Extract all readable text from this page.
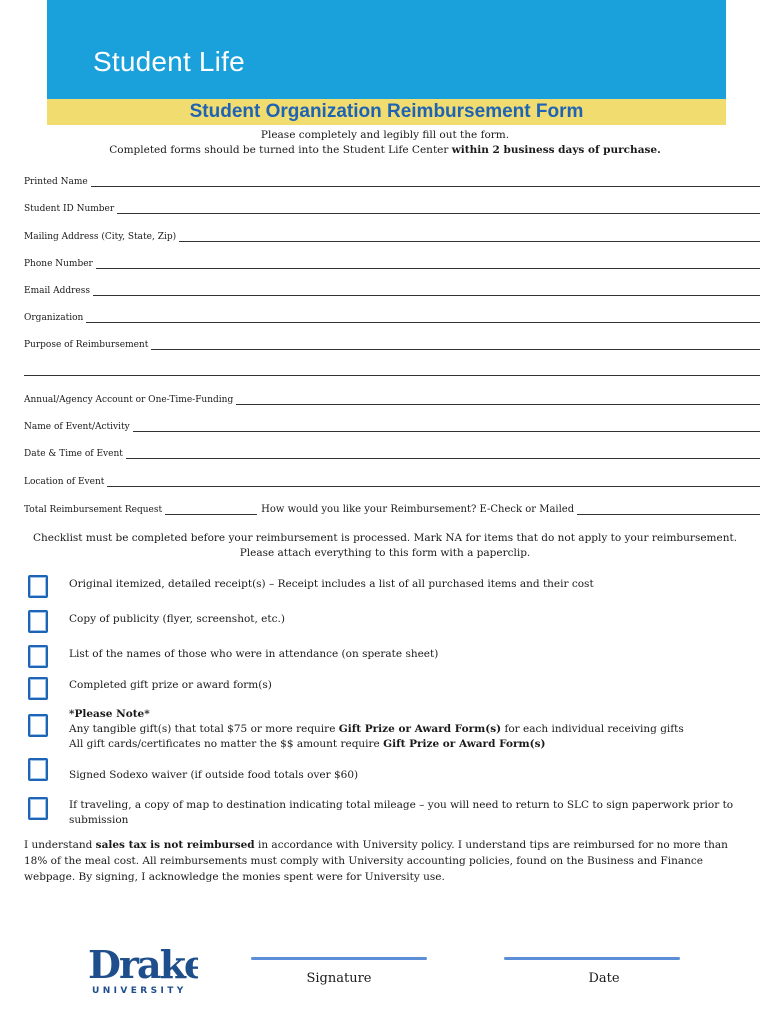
Student Life
Student Organization Reimbursement Form
Please completely and legibly fill out the form.
Completed forms should be turned into the Student Life Center within 2 business days of purchase.
Printed Name
Student ID Number
Mailing Address (City, State, Zip)
Phone Number
Email Address
Organization
Purpose of Reimbursement
Annual/Agency Account or One-Time-Funding
Name of Event/Activity
Date & Time of Event
Location of Event
Total Reimbursement Request	How would you like your Reimbursement? E-Check or Mailed
Checklist must be completed before your reimbursement is processed. Mark NA for items that do not apply to your reimbursement.
Please attach everything to this form with a paperclip.
Original itemized, detailed receipt(s) – Receipt includes a list of all purchased items and their cost
Copy of publicity (flyer, screenshot, etc.)
List of the names of those who were in attendance (on sperate sheet)
Completed gift prize or award form(s)
*Please Note*
Any tangible gift(s) that total $75 or more require Gift Prize or Award Form(s) for each individual receiving gifts
All gift cards/certificates no matter the $$ amount require Gift Prize or Award Form(s)
Signed Sodexo waiver (if outside food totals over $60)
If traveling, a copy of map to destination indicating total mileage – you will need to return to SLC to sign paperwork prior to
submission
I understand sales tax is not reimbursed in accordance with University policy. I understand tips are reimbursed for no more than 18% of the meal cost. All reimbursements must comply with University accounting policies, found on the Business and Finance webpage. By signing, I acknowledge the monies spent were for University use.
Drake
UNIVERSITY
Signature	Date
